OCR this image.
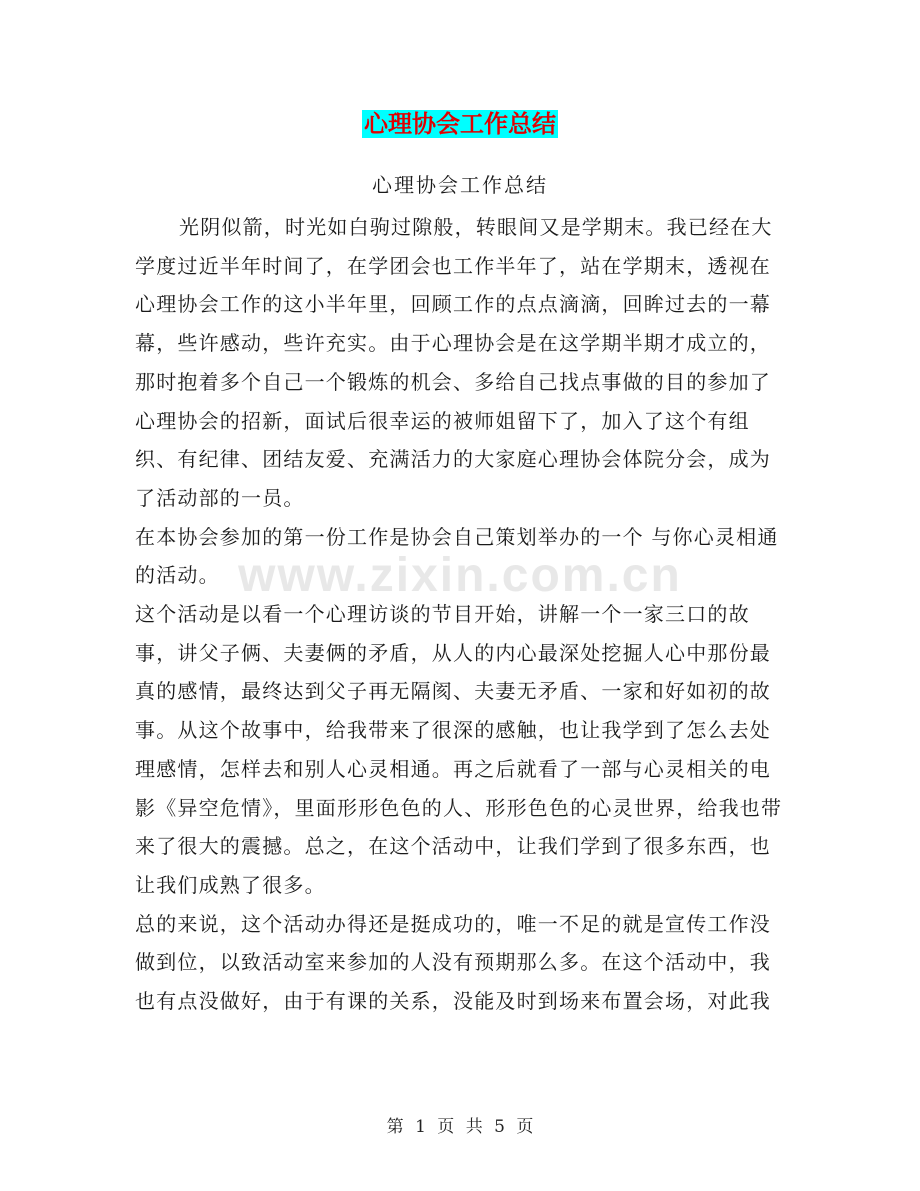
心理协会工作总结
心理协会工作总结

光阴似箭，时光如白驹过隙般，转眼间又是学期末。我已经在大学度过近半年时间了，在学团会也工作半年了，站在学期末，透视在心理协会工作的这小半年里，回顾工作的点点滴滴，回眸过去的一幕幕，些许感动，些许充实。由于心理协会是在这学期半期才成立的，那时抱着多个自己一个锻炼的机会、多给自己找点事做的目的参加了心理协会的招新，面试后很幸运的被师姐留下了，加入了这个有组织、有纪律、团结友爱、充满活力的大家庭心理协会体院分会，成为了活动部的一员。

在本协会参加的第一份工作是协会自己策划举办的一个 与你心灵相通的活动。

这个活动是以看一个心理访谈的节目开始，讲解一个一家三口的故事，讲父子俩、夫妻俩的矛盾，从人的内心最深处挖掘人心中那份最真的感情，最终达到父子再无隔阂、夫妻无矛盾、一家和好如初的故事。从这个故事中，给我带来了很深的感触，也让我学到了怎么去处理感情，怎样去和别人心灵相通。再之后就看了一部与心灵相关的电影《异空危情》，里面形形色色的人、形形色色的心灵世界，给我也带来了很大的震撼。总之，在这个活动中，让我们学到了很多东西，也让我们成熟了很多。

总的来说，这个活动办得还是挺成功的，唯一不足的就是宣传工作没做到位，以致活动室来参加的人没有预期那么多。在这个活动中，我也有点没做好，由于有课的关系，没能及时到场来布置会场，对此我

www.zixin.com.cn
第 1 页 共 5 页
